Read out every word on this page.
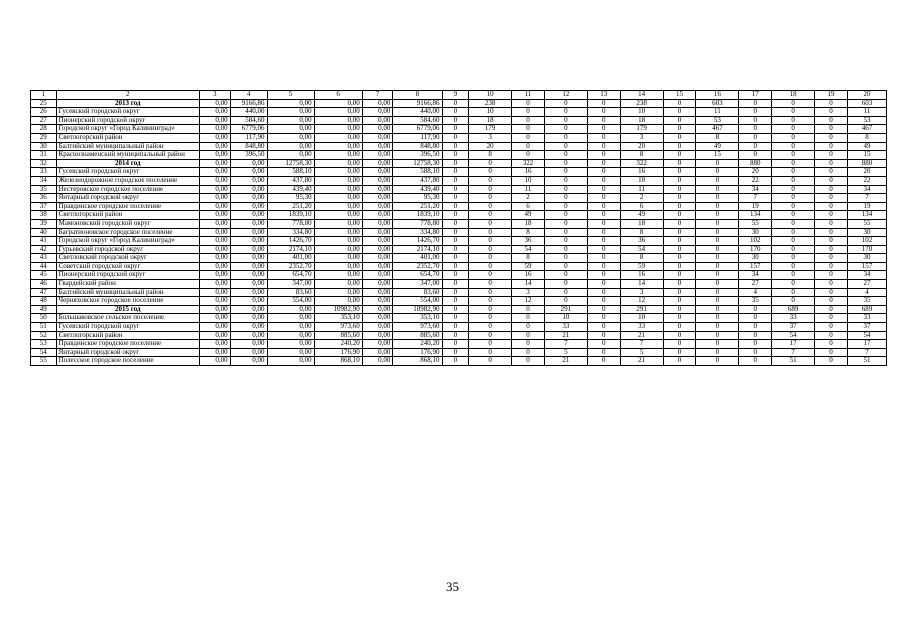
1	2	3	4	5	6	7	8	9	10	11	12	13	14	15	16	17	18	19	20
25	2013 год	0,00	9166,86	0,00	0,00	0,00	9166,86	0	238	0	0	0	238	0	603	0	0	0	603
26	Гусевский городской округ	0,00	440,00	0,00	0,00	0,00	440,00	0	10	0	0	0	10	0	11	0	0	0	11
27	Пионерский городской округ	0,00	584,60	0,00	0,00	0,00	584,60	0	18	0	0	0	18	0	53	0	0	0	53
28	Городской округ «Город Калининград»	0,00	6779,06	0,00	0,00	0,00	6779,06	0	179	0	0	0	179	0	467	0	0	0	467
29	Светлогорский район	0,00	117,90	0,00	0,00	0,00	117,90	0	3	0	0	0	3	0	8	0	0	0	8
30	Балтийский муниципальный район	0,00	848,80	0,00	0,00	0,00	848,80	0	20	0	0	0	20	0	49	0	0	0	49
31	Краснознаменский муниципальный район	0,00	396,50	0,00	0,00	0,00	396,50	0	8	0	0	0	8	0	15	0	0	0	15
32	2014 год	0,00	0,00	12758,30	0,00	0,00	12758,30	0	0	322	0	0	322	0	0	880	0	0	880
33	Гусевский городской округ	0,00	0,00	588,10	0,00	0,00	588,10	0	0	16	0	0	16	0	0	20	0	0	20
34	Железнодорожное городское поселение	0,00	0,00	437,80	0,00	0,00	437,80	0	0	10	0	0	10	0	0	22	0	0	22
35	Нестеровское городское поселение	0,00	0,00	439,40	0,00	0,00	439,40	0	0	11	0	0	11	0	0	34	0	0	34
36	Янтарный городской округ	0,00	0,00	95,30	0,00	0,00	95,30	0	0	2	0	0	2	0	0	7	0	0	7
37	Правдинское городское поселение	0,00	0,00	251,20	0,00	0,00	251,20	0	0	6	0	0	6	0	0	19	0	0	19
38	Светлогорский район	0,00	0,00	1839,10	0,00	0,00	1839,10	0	0	49	0	0	49	0	0	134	0	0	134
39	Мамоновский городской округ	0,00	0,00	778,80	0,00	0,00	778,80	0	0	18	0	0	18	0	0	55	0	0	55
40	Багратионовское городское поселение	0,00	0,00	334,80	0,00	0,00	334,80	0	0	8	0	0	8	0	0	30	0	0	30
41	Городской округ «Город Калининград»	0,00	0,00	1426,70	0,00	0,00	1426,70	0	0	36	0	0	36	0	0	102	0	0	102
42	Гурьевский городской округ	0,00	0,00	2174,10	0,00	0,00	2174,10	0	0	54	0	0	54	0	0	170	0	0	170
43	Светловский городской округ	0,00	0,00	401,00	0,00	0,00	401,00	0	0	8	0	0	8	0	0	30	0	0	30
44	Советский городской округ	0,00	0,00	2352,70	0,00	0,00	2352,70	0	0	59	0	0	59	0	0	157	0	0	157
45	Пионерский городской округ	0,00	0,00	654,70	0,00	0,00	654,70	0	0	16	0	0	16	0	0	34	0	0	34
46	Гвардейский район	0,00	0,00	347,00	0,00	0,00	347,00	0	0	14	0	0	14	0	0	27	0	0	27
47	Балтийский муниципальный район	0,00	0,00	83,60	0,00	0,00	83,60	0	0	3	0	0	3	0	0	4	0	0	4
48	Черняховское городское поселение	0,00	0,00	554,00	0,00	0,00	554,00	0	0	12	0	0	12	0	0	35	0	0	35
49	2015 год	0,00	0,00	0,00	10982,90	0,00	10982,90	0	0	0	291	0	291	0	0	0	689	0	689
50	Большаковское сельское поселение	0,00	0,00	0,00	353,10	0,00	353,10	0	0	0	10	0	10	0	0	0	33	0	33
51	Гусевский городской округ	0,00	0,00	0,00	973,60	0,00	973,60	0	0	0	33	0	33	0	0	0	37	0	37
52	Светлогорский район	0,00	0,00	0,00	885,60	0,00	885,60	0	0	0	21	0	21	0	0	0	54	0	54
53	Правдинское городское поселение	0,00	0,00	0,00	240,20	0,00	240,20	0	0	0	7	0	7	0	0	0	17	0	17
54	Янтарный городской округ	0,00	0,00	0,00	176,90	0,00	176,90	0	0	0	5	0	5	0	0	0	7	0	7
55	Полесское городское поселение	0,00	0,00	0,00	868,10	0,00	868,10	0	0	0	21	0	21	0	0	0	51	0	51
35
